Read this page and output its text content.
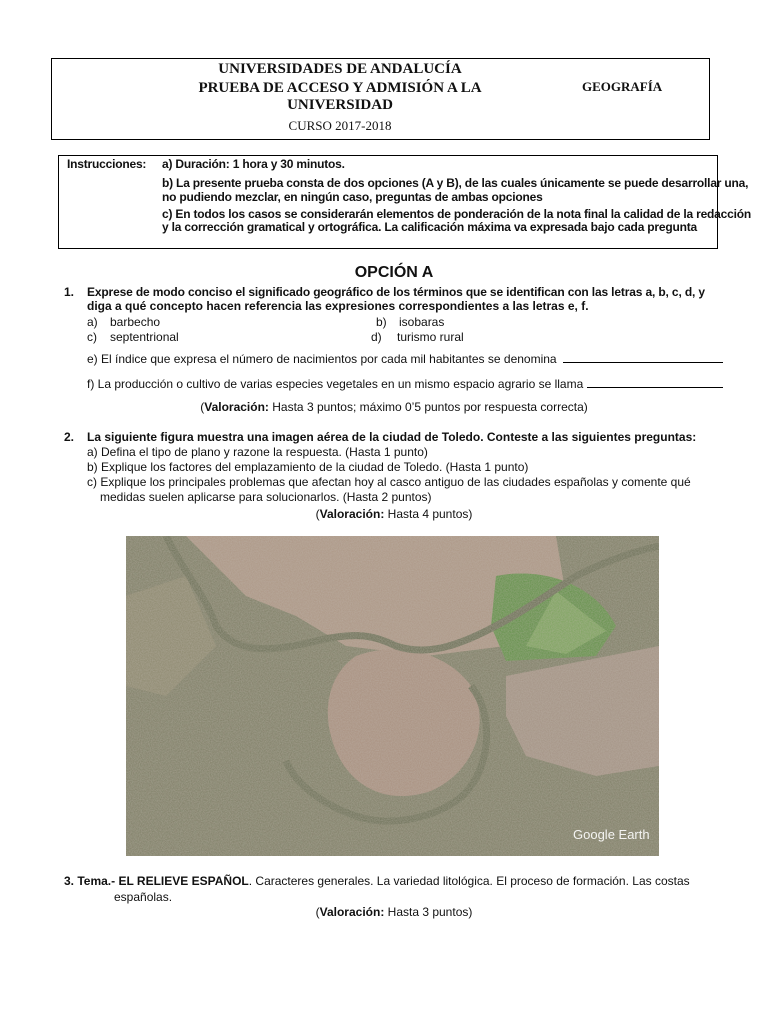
UNIVERSIDADES DE ANDALUCÍA
PRUEBA DE ACCESO Y ADMISIÓN A LA
UNIVERSIDAD
CURSO 2017-2018
GEOGRAFÍA
Instrucciones: a) Duración: 1 hora y 30 minutos.
b) La presente prueba consta de dos opciones (A y B), de las cuales únicamente se puede desarrollar una,
no pudiendo mezclar, en ningún caso, preguntas de ambas opciones
c) En todos los casos se considerarán elementos de ponderación de la nota final la calidad de la redacción
y la corrección gramatical y ortográfica. La calificación máxima va expresada bajo cada pregunta
OPCIÓN A
1. Exprese de modo conciso el significado geográfico de los términos que se identifican con las letras a, b, c, d, y
diga a qué concepto hacen referencia las expresiones correspondientes a las letras e, f.
a) barbecho	b) isobaras
c) septentrional	d) turismo rural
e) El índice que expresa el número de nacimientos por cada mil habitantes se denomina
f) La producción o cultivo de varias especies vegetales en un mismo espacio agrario se llama
(Valoración: Hasta 3 puntos; máximo 0’5 puntos por respuesta correcta)
2. La siguiente figura muestra una imagen aérea de la ciudad de Toledo. Conteste a las siguientes preguntas:
a) Defina el tipo de plano y razone la respuesta. (Hasta 1 punto)
b) Explique los factores del emplazamiento de la ciudad de Toledo. (Hasta 1 punto)
c) Explique los principales problemas que afectan hoy al casco antiguo de las ciudades españolas y comente qué
medidas suelen aplicarse para solucionarlos. (Hasta 2 puntos)
(Valoración: Hasta 4 puntos)
Google Earth
3. Tema.- EL RELIEVE ESPAÑOL. Caracteres generales. La variedad litológica. El proceso de formación. Las costas
españolas.
(Valoración: Hasta 3 puntos)
